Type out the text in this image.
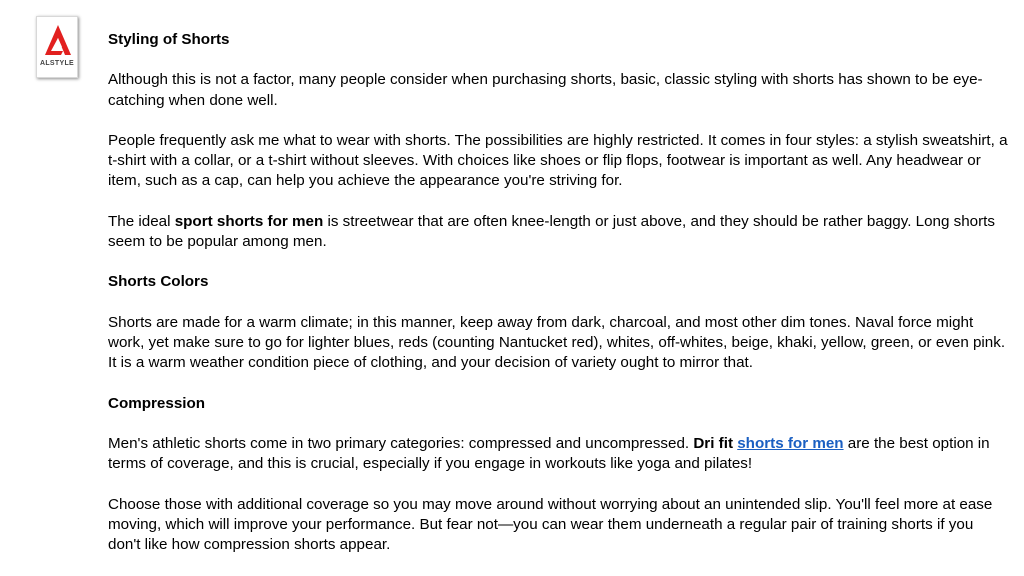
ALSTYLE

Styling of Shorts

Although this is not a factor, many people consider when purchasing shorts, basic, classic styling with shorts has shown to be eye-catching when done well.

People frequently ask me what to wear with shorts. The possibilities are highly restricted. It comes in four styles: a stylish sweatshirt, a t-shirt with a collar, or a t-shirt without sleeves. With choices like shoes or flip flops, footwear is important as well. Any headwear or item, such as a cap, can help you achieve the appearance you're striving for.

The ideal sport shorts for men is streetwear that are often knee-length or just above, and they should be rather baggy. Long shorts seem to be popular among men.

Shorts Colors

Shorts are made for a warm climate; in this manner, keep away from dark, charcoal, and most other dim tones. Naval force might work, yet make sure to go for lighter blues, reds (counting Nantucket red), whites, off-whites, beige, khaki, yellow, green, or even pink. It is a warm weather condition piece of clothing, and your decision of variety ought to mirror that.

Compression

Men's athletic shorts come in two primary categories: compressed and uncompressed. Dri fit shorts for men are the best option in terms of coverage, and this is crucial, especially if you engage in workouts like yoga and pilates!

Choose those with additional coverage so you may move around without worrying about an unintended slip. You'll feel more at ease moving, which will improve your performance. But fear not—you can wear them underneath a regular pair of training shorts if you don't like how compression shorts appear.
